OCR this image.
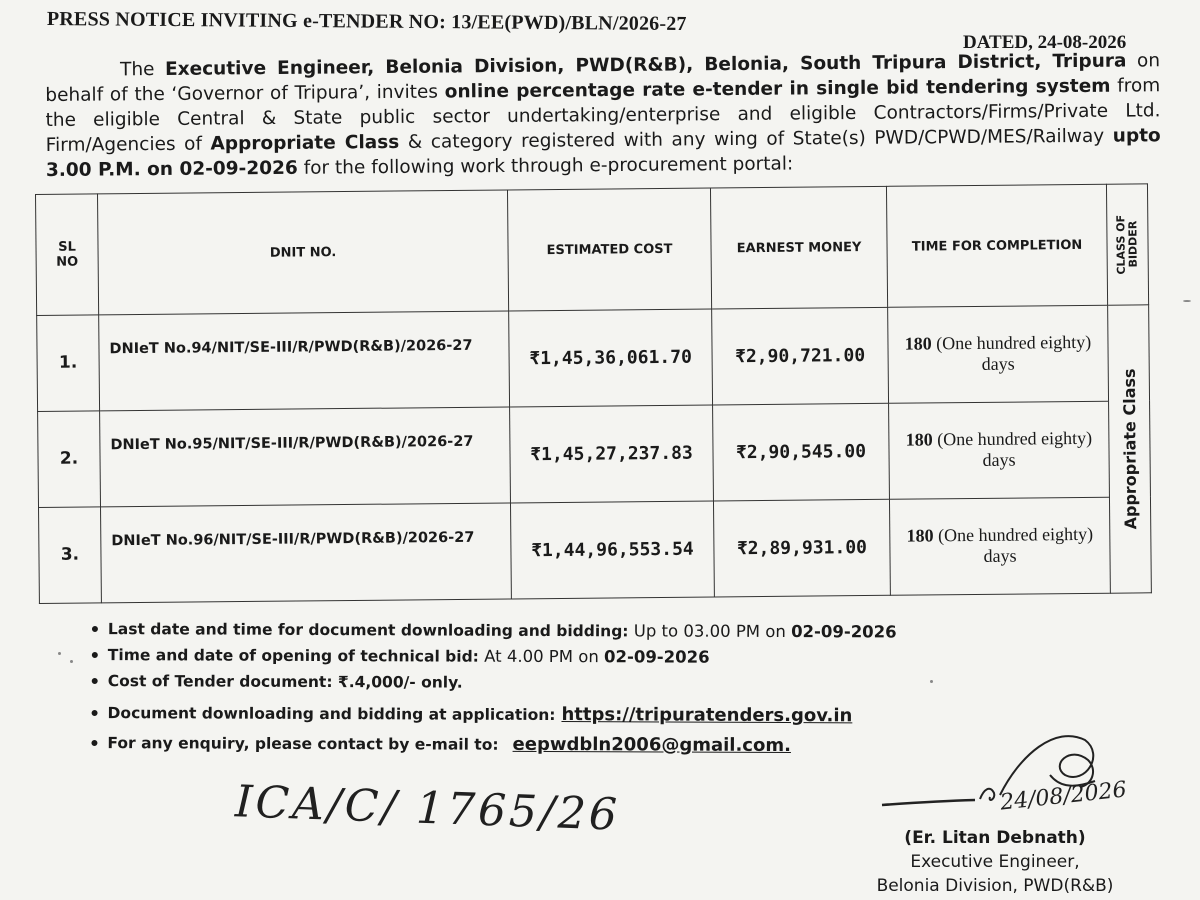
PRESS NOTICE INVITING e-TENDER NO: 13/EE(PWD)/BLN/2026-27
DATED, 24-08-2026

The Executive Engineer, Belonia Division, PWD(R&B), Belonia, South Tripura District, Tripura on behalf of the ‘Governor of Tripura’, invites online percentage rate e-tender in single bid tendering system from the eligible Central & State public sector undertaking/enterprise and eligible Contractors/Firms/Private Ltd. Firm/Agencies of Appropriate Class & category registered with any wing of State(s) PWD/CPWD/MES/Railway upto 3.00 P.M. on 02-09-2026 for the following work through e-procurement portal:

SL NO	DNIT NO.	ESTIMATED COST	EARNEST MONEY	TIME FOR COMPLETION	CLASS OF BIDDER

1.	DNIeT No.94/NIT/SE-III/R/PWD(R&B)/2026-27	₹1,45,36,061.70	₹2,90,721.00	180 (One hundred eighty) days	Appropriate Class

2.	DNIeT No.95/NIT/SE-III/R/PWD(R&B)/2026-27	₹1,45,27,237.83	₹2,90,545.00	180 (One hundred eighty) days	
3.	DNIeT No.96/NIT/SE-III/R/PWD(R&B)/2026-27	₹1,44,96,553.54	₹2,89,931.00	180 (One hundred eighty) days	
Last date and time for document downloading and bidding: Up to 03.00 PM on 02-09-2026
Time and date of opening of technical bid: At 4.00 PM on 02-09-2026
Cost of Tender document: ₹.4,000/- only.
Document downloading and bidding at application: https://tripuratenders.gov.in
For any enquiry, please contact by e-mail to: eepwdbln2006@gmail.com.
ICA/C/ 1765/26	24/08/2026
(Er. Litan Debnath)
Executive Engineer,
Belonia Division, PWD(R&B)
